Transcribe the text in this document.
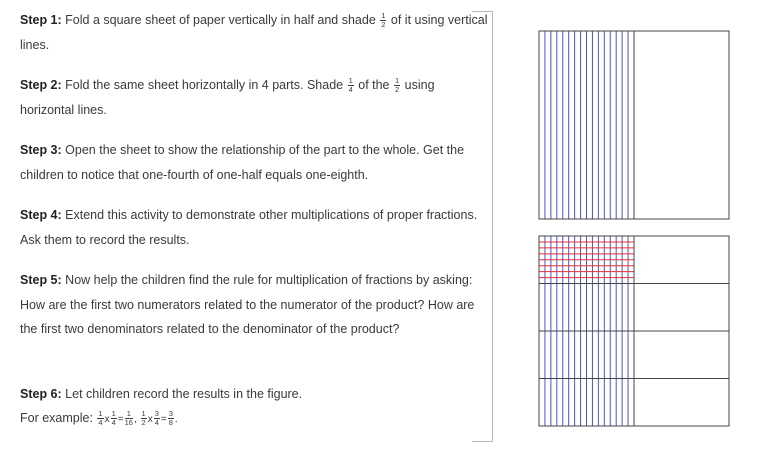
Step 1: Fold a square sheet of paper vertically in half and shade $\frac{1}{2}$ of it using vertical lines.
Step 2: Fold the same sheet horizontally in 4 parts. Shade $\frac{1}{4}$ of the $\frac{1}{2}$ using horizontal lines.
Step 3: Open the sheet to show the relationship of the part to the whole. Get the children to notice that one-fourth of one-half equals one-eighth.
Step 4: Extend this activity to demonstrate other multiplications of proper fractions. Ask them to record the results.
Step 5: Now help the children find the rule for multiplication of fractions by asking: How are the first two numerators related to the numerator of the product? How are the first two denominators related to the denominator of the product?
Step 6: Let children record the results in the figure.
For example: $\frac{1}{4}$ x $\frac{1}{4} = \frac{1}{16}$ , $\frac{1}{2}$ x $\frac{3}{4} = \frac{3}{8}$ .
